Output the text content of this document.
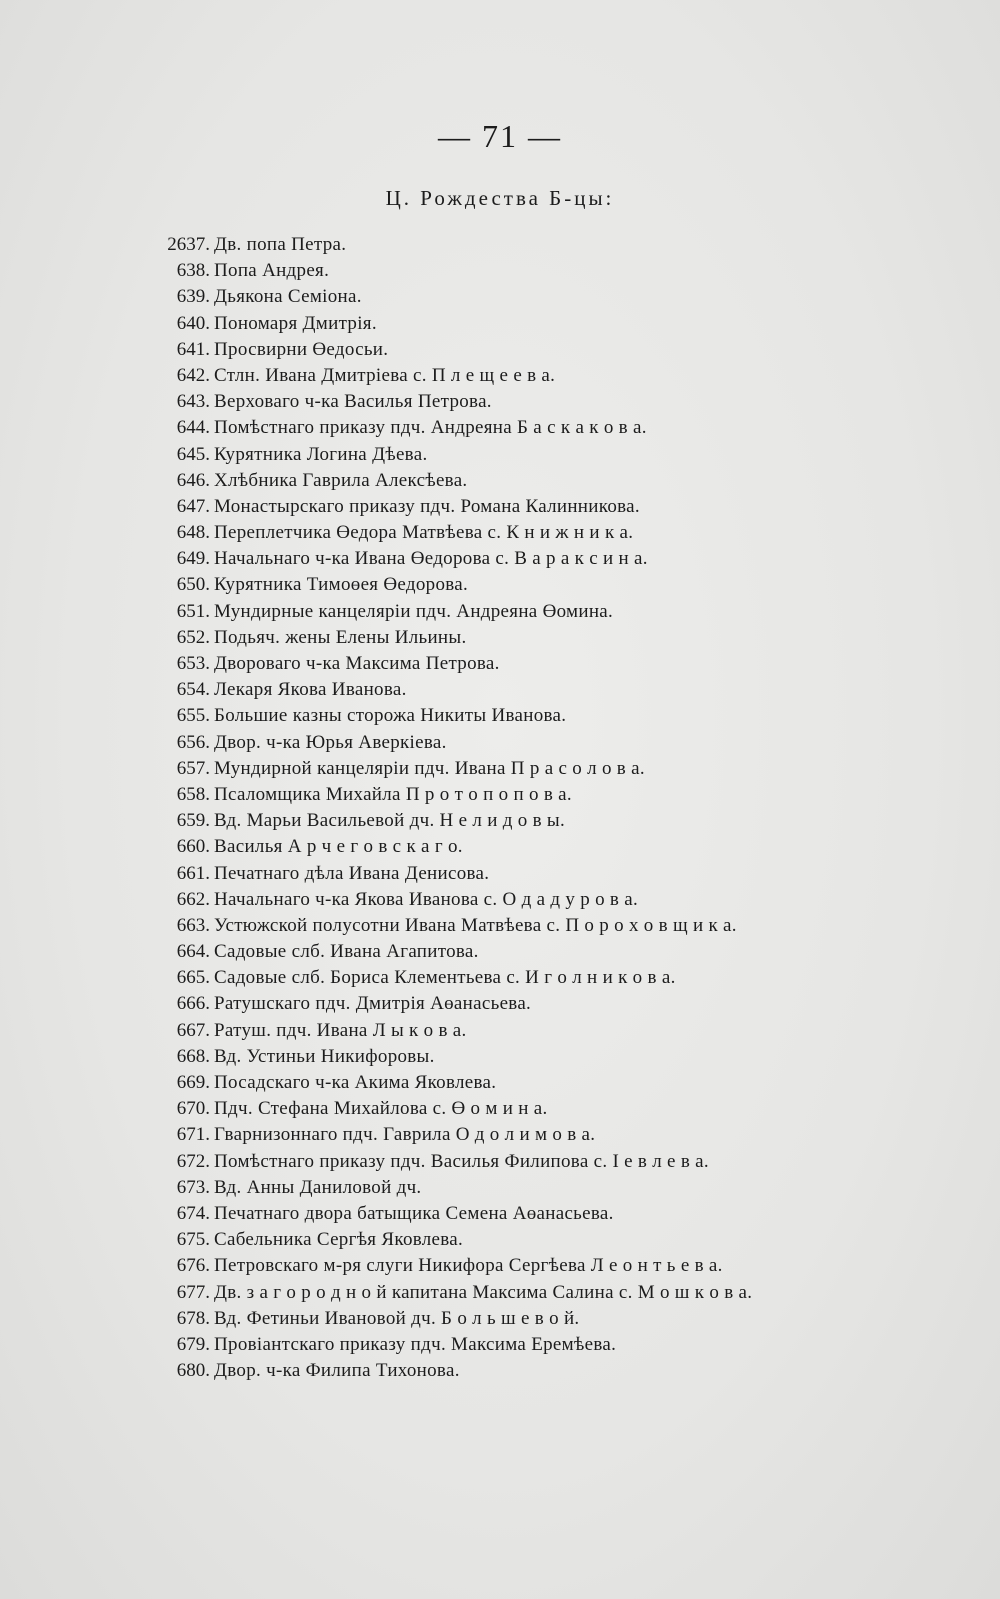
— 71 —
Ц. Рождества Б-цы:
2637. Дв. попа Петра.
638. Попа Андрея.
639. Дьякона Семіона.
640. Пономаря Дмитрія.
641. Просвирни Өедосьи.
642. Стлн. Ивана Дмитріева с. П л е щ е е в а.
643. Верховаго ч-ка Василья Петрова.
644. Помѣстнаго приказу пдч. Андреяна Б а с к а к о в а.
645. Курятника Логина Дѣева.
646. Хлѣбника Гаврила Алексѣева.
647. Монастырскаго приказу пдч. Романа Калинникова.
648. Переплетчика Өедора Матвѣева с. К н и ж н и к а.
649. Начальнаго ч-ка Ивана Өедорова с. В а р а к с и н а.
650. Курятника Тимоөея Өедорова.
651. Мундирные канцеляріи пдч. Андреяна Өомина.
652. Подьяч. жены Елены Ильины.
653. Двороваго ч-ка Максима Петрова.
654. Лекаря Якова Иванова.
655. Большие казны сторожа Никиты Иванова.
656. Двор. ч-ка Юрья Аверкіева.
657. Мундирной канцеляріи пдч. Ивана П р а с о л о в а.
658. Псаломщика Михайла П р о т о п о п о в а.
659. Вд. Марьи Васильевой дч. Н е л и д о в ы.
660. Василья А р ч е г о в с к а г о.
661. Печатнаго дѣла Ивана Денисова.
662. Начальнаго ч-ка Якова Иванова с. О д а д у р о в а.
663. Устюжской полусотни Ивана Матвѣева с. П о р о х о в щ и к а.
664. Садовые слб. Ивана Агапитова.
665. Садовые слб. Бориса Клементьева с. И г о л н и к о в а.
666. Ратушскаго пдч. Дмитрія Аөанасьева.
667. Ратуш. пдч. Ивана Л ы к о в а.
668. Вд. Устиньи Никифоровы.
669. Посадскаго ч-ка Акима Яковлева.
670. Пдч. Стефана Михайлова с. Ө о м и н а.
671. Гварнизоннаго пдч. Гаврила О д о л и м о в а.
672. Помѣстнаго приказу пдч. Василья Филипова с. І е в л е в а.
673. Вд. Анны Даниловой дч.
674. Печатнаго двора батыщика Семена Аөанасьева.
675. Сабельника Сергѣя Яковлева.
676. Петровскаго м-ря слуги Никифора Сергѣева Л е о н т ь е в а.
677. Дв. з а г о р о д н о й капитана Максима Салина с. М о ш к о в а.
678. Вд. Фетиньи Ивановой дч. Б о л ь ш е в о й.
679. Провіантскаго приказу пдч. Максима Еремѣева.
680. Двор. ч-ка Филипа Тихонова.
